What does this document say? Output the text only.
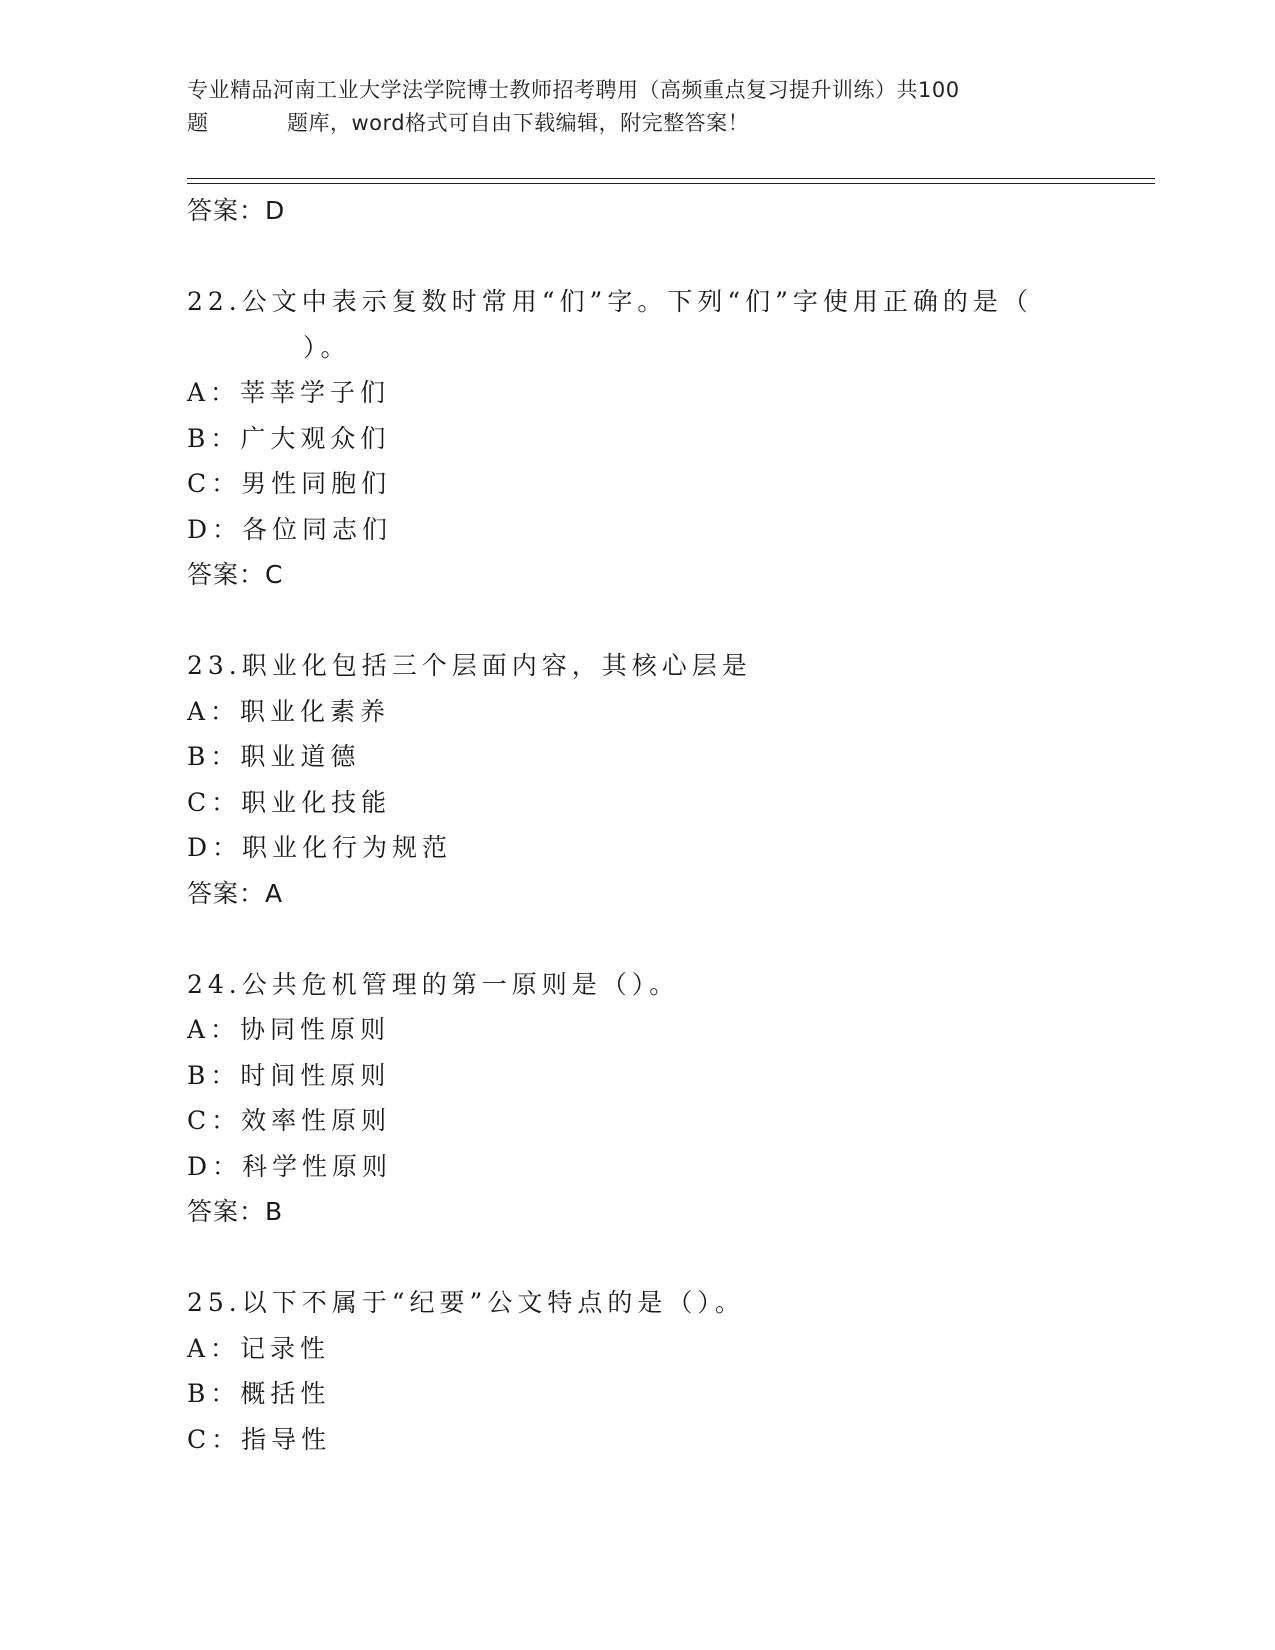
专业精品河南工业大学法学院博士教师招考聘用（高频重点复习提升训练）共100
题	题库，word格式可自由下载编辑，附完整答案！
答案：D
22.公文中表示复数时常用“们”字。下列“们”字使用正确的是（
）。
A：莘莘学子们
B：广大观众们
C：男性同胞们
D：各位同志们
答案：C
23.职业化包括三个层面内容，其核心层是
A：职业化素养
B：职业道德
C：职业化技能
D：职业化行为规范
答案：A
24.公共危机管理的第一原则是（）。
A：协同性原则
B：时间性原则
C：效率性原则
D：科学性原则
答案：B
25.以下不属于“纪要”公文特点的是（）。
A：记录性
B：概括性
C：指导性
